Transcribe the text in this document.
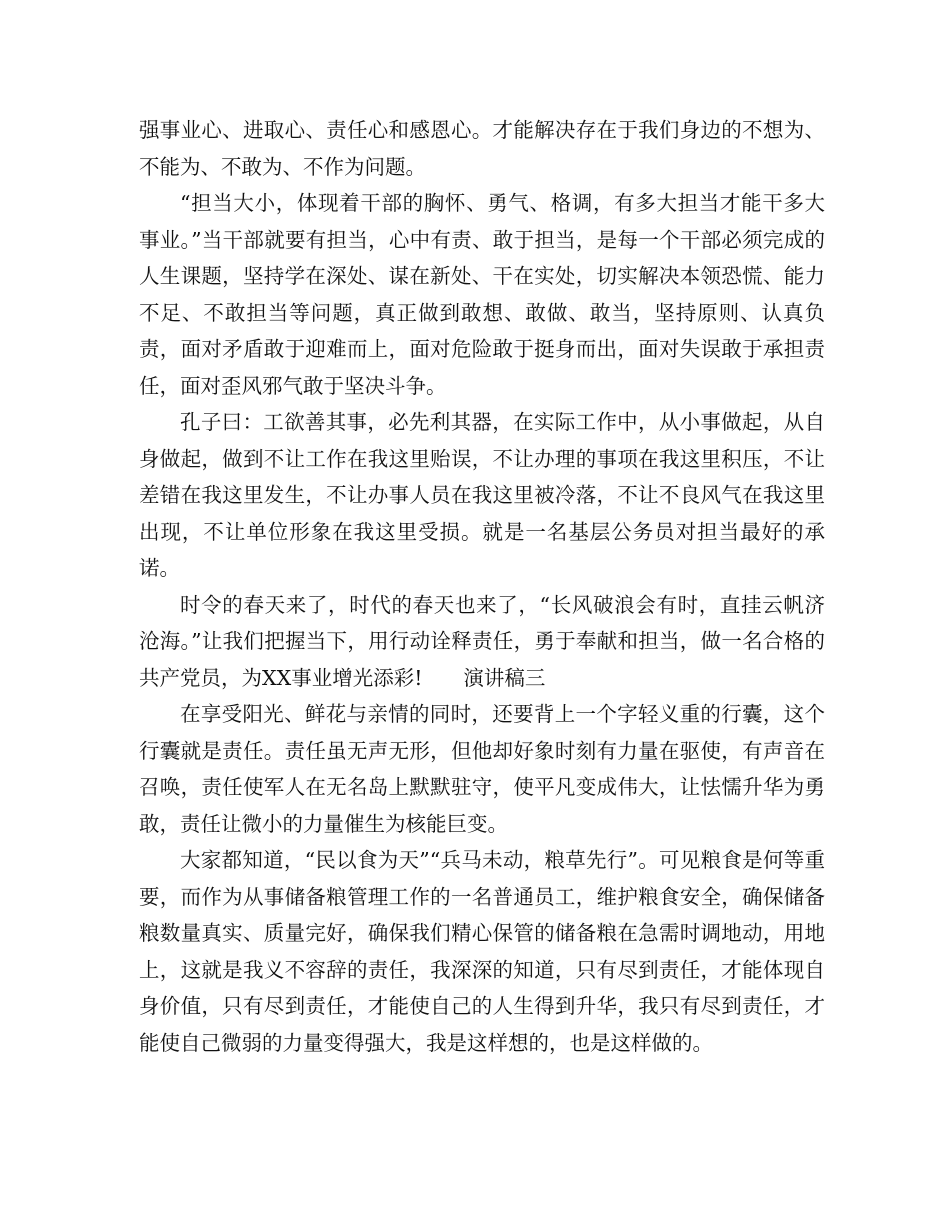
强事业心、进取心、责任心和感恩心。才能解决存在于我们身边的不想为、不能为、不敢为、不作为问题。

“担当大小，体现着干部的胸怀、勇气、格调，有多大担当才能干多大事业。”当干部就要有担当，心中有责、敢于担当，是每一个干部必须完成的人生课题，坚持学在深处、谋在新处、干在实处，切实解决本领恐慌、能力不足、不敢担当等问题，真正做到敢想、敢做、敢当，坚持原则、认真负责，面对矛盾敢于迎难而上，面对危险敢于挺身而出，面对失误敢于承担责任，面对歪风邪气敢于坚决斗争。

孔子曰：工欲善其事，必先利其器，在实际工作中，从小事做起，从自身做起，做到不让工作在我这里贻误，不让办理的事项在我这里积压，不让差错在我这里发生，不让办事人员在我这里被冷落，不让不良风气在我这里出现，不让单位形象在我这里受损。就是一名基层公务员对担当最好的承诺。

时令的春天来了，时代的春天也来了，“长风破浪会有时，直挂云帆济沧海。”让我们把握当下，用行动诠释责任，勇于奉献和担当，做一名合格的共产党员，为XX事业增光添彩!　　演讲稿三

在享受阳光、鲜花与亲情的同时，还要背上一个字轻义重的行囊，这个行囊就是责任。责任虽无声无形，但他却好象时刻有力量在驱使，有声音在召唤，责任使军人在无名岛上默默驻守，使平凡变成伟大，让怯懦升华为勇敢，责任让微小的力量催生为核能巨变。

大家都知道，“民以食为天”“兵马未动，粮草先行”。可见粮食是何等重要，而作为从事储备粮管理工作的一名普通员工，维护粮食安全，确保储备粮数量真实、质量完好，确保我们精心保管的储备粮在急需时调地动，用地上，这就是我义不容辞的责任，我深深的知道，只有尽到责任，才能体现自身价值，只有尽到责任，才能使自己的人生得到升华，我只有尽到责任，才能使自己微弱的力量变得强大，我是这样想的，也是这样做的。
